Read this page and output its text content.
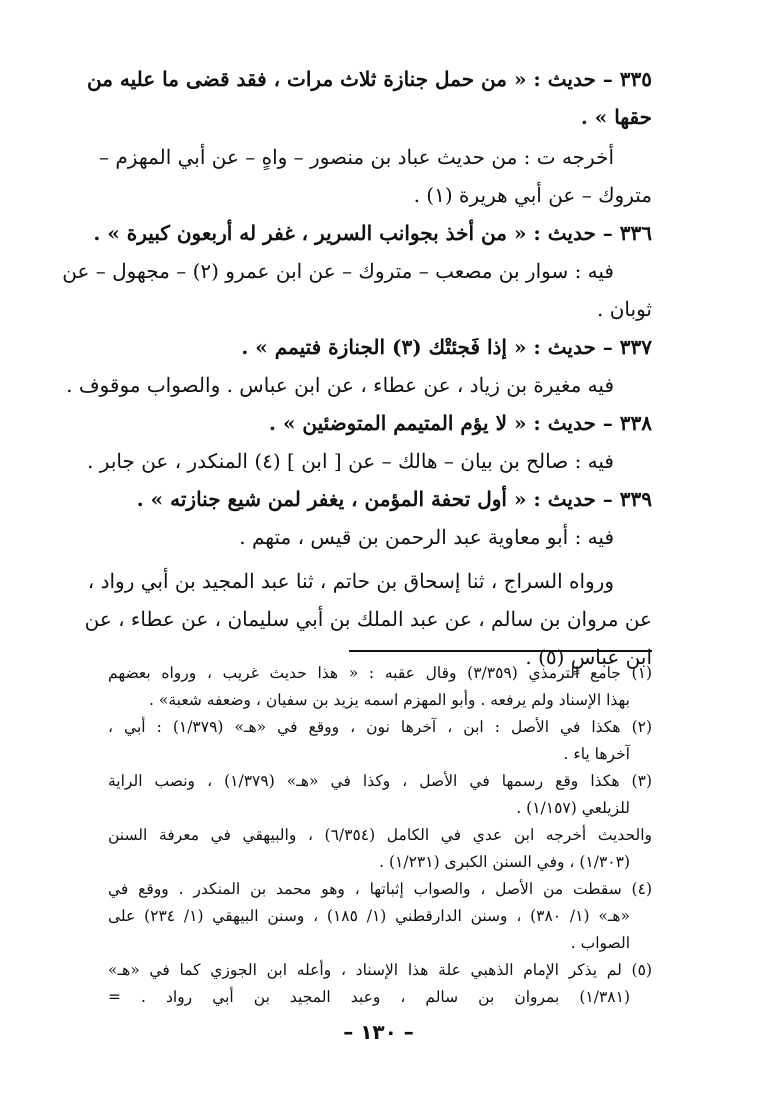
٣٣٥ – حديث : « من حمل جنازة ثلاث مرات ، فقد قضى ما عليه من
حقها » .
أخرجه ت : من حديث عباد بن منصور – واهٍ – عن أبي المهزم –
متروك – عن أبي هريرة (١) .
٣٣٦ – حديث : « من أخذ بجوانب السرير ، غفر له أربعون كبيرة » .
فيه : سوار بن مصعب – متروك – عن ابن عمرو (٢) – مجهول – عن
ثوبان .
٣٣٧ – حديث : « إذا فَجئتْك (٣) الجنازة فتيمم » .
فيه مغيرة بن زياد ، عن عطاء ، عن ابن عباس . والصواب موقوف .
٣٣٨ – حديث : « لا يؤم المتيمم المتوضئين » .
فيه : صالح بن بيان – هالك – عن [ ابن ] (٤) المنكدر ، عن جابر .
٣٣٩ – حديث : « أول تحفة المؤمن ، يغفر لمن شيع جنازته » .
فيه : أبو معاوية عبد الرحمن بن قيس ، متهم .
ورواه السراج ، ثنا إسحاق بن حاتم ، ثنا عبد المجيد بن أبي رواد ،
عن مروان بن سالم ، عن عبد الملك بن أبي سليمان ، عن عطاء ، عن
ابن عباسٍ (٥) .
(١) جامع الترمذي (٣/٣٥٩) وقال عقبه : « هذا حديث غريب ، ورواه بعضهم
بهذا الإسناد ولم يرفعه . وأبو المهزم اسمه يزيد بن سفيان ، وضعفه شعبة» .
(٢) هكذا في الأصل : ابن ، آخرها نون ، ووقع في «هـ» (١/٣٧٩) : أبي ،
آخرها ياء .
(٣) هكذا وقع رسمها في الأصل ، وكذا في «هـ» (١/٣٧٩) ، ونصب الراية
للزيلعي (١/١٥٧) .
والحديث أخرجه ابن عدي في الكامل (٦/٣٥٤) ، والبيهقي في معرفة السنن
(١/٣٠٣) ، وفي السنن الكبرى (١/٢٣١) .
(٤) سقطت من الأصل ، والصواب إثباتها ، وهو محمد بن المنكدر . ووقع في
«هـ» (١/ ٣٨٠) ، وسنن الدارقطني (١/ ١٨٥) ، وسنن البيهقي (١/ ٢٣٤) على
الصواب .
(٥) لم يذكر الإمام الذهبي علة هذا الإسناد ، وأعله ابن الجوزي كما في «هـ»
(١/٣٨١) بمروان بن سالم ، وعبد المجيد بن أبي رواد . =
– ١٣٠ –
